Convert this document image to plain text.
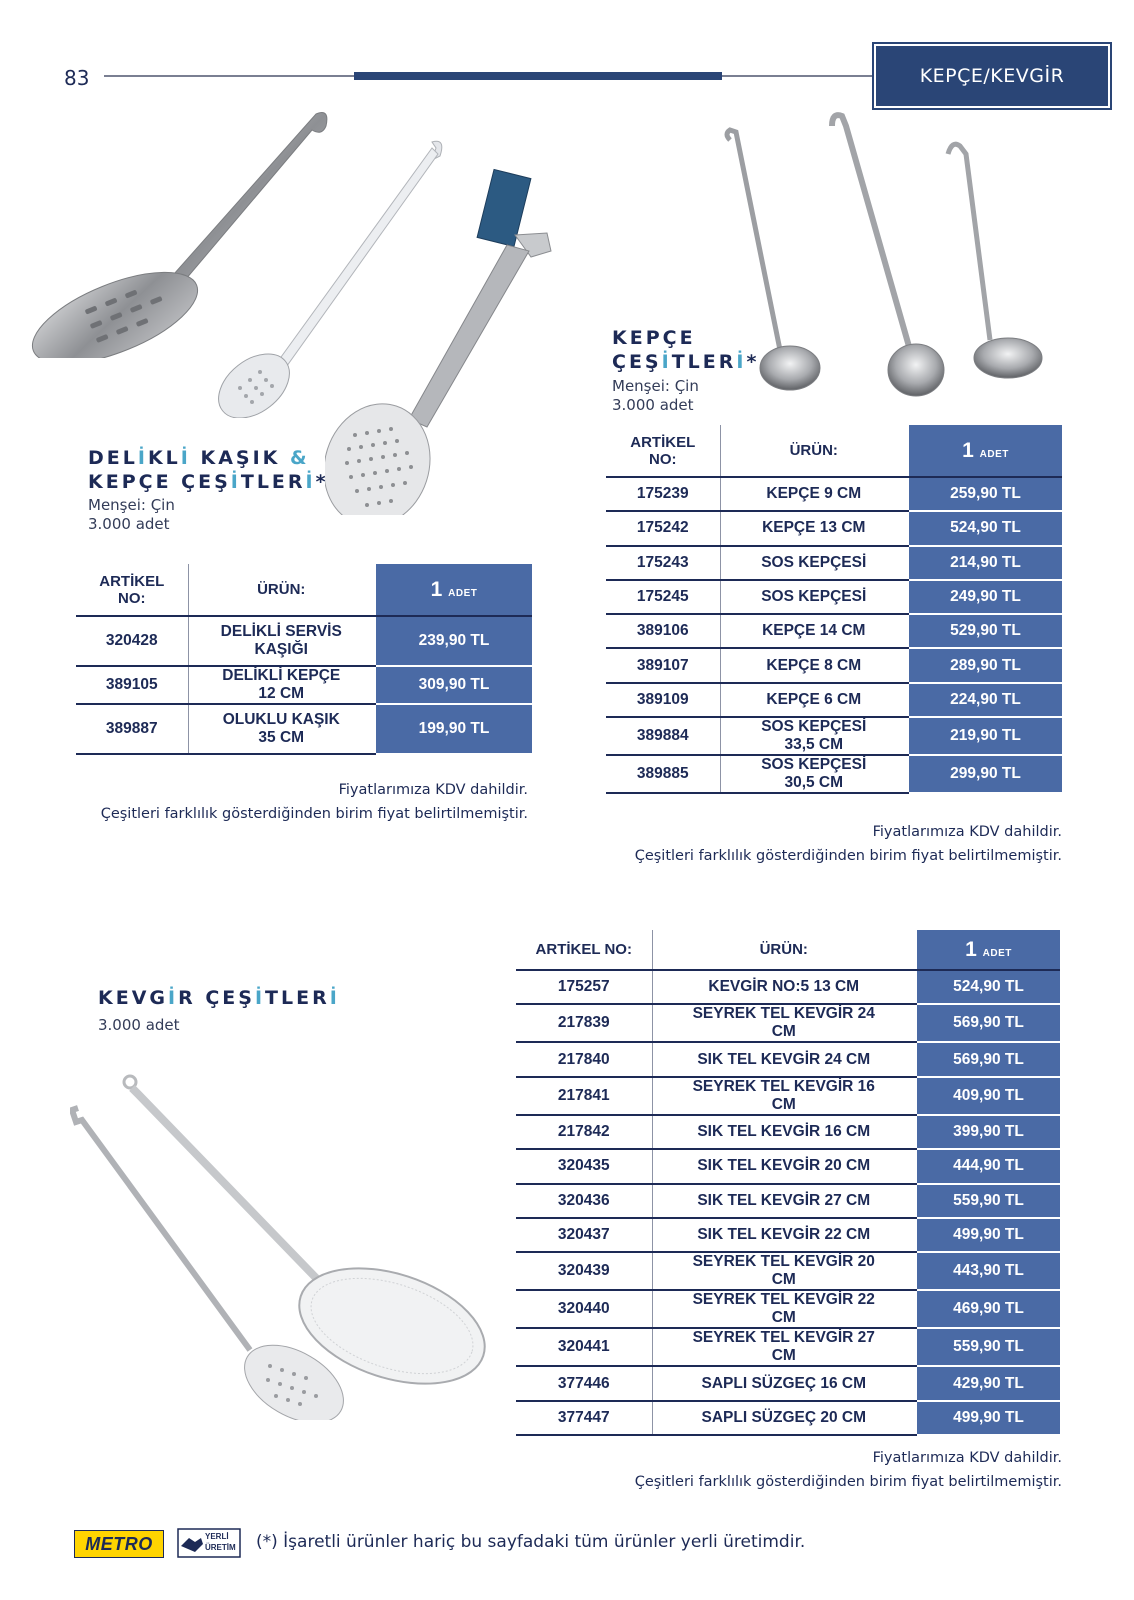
83	KEPÇE/KEVGİR
DELİKLİ KAŞIK &
KEPÇE ÇEŞİTLERİ*
Menşei: Çin
3.000 adet
ARTİKEL NO:	ÜRÜN:	1 ADET
320428	DELİKLİ SERVİS KAŞIĞI	239,90 TL
389105	DELİKLİ KEPÇE 12 CM	309,90 TL
389887	OLUKLU KAŞIK 35 CM	199,90 TL
Fiyatlarımıza KDV dahildir.
Çeşitleri farklılık gösterdiğinden birim fiyat belirtilmemiştir.
KEPÇE
ÇEŞİTLERİ*
Menşei: Çin
3.000 adet
ARTİKEL NO:	ÜRÜN:	1 ADET
175239	KEPÇE 9 CM	259,90 TL
175242	KEPÇE 13 CM	524,90 TL
175243	SOS KEPÇESİ	214,90 TL
175245	SOS KEPÇESİ	249,90 TL
389106	KEPÇE 14 CM	529,90 TL
389107	KEPÇE 8 CM	289,90 TL
389109	KEPÇE 6 CM	224,90 TL
389884	SOS KEPÇESİ 33,5 CM	219,90 TL
389885	SOS KEPÇESİ 30,5 CM	299,90 TL
Fiyatlarımıza KDV dahildir.
Çeşitleri farklılık gösterdiğinden birim fiyat belirtilmemiştir.
KEVGİR ÇEŞİTLERİ
3.000 adet
ARTİKEL NO:	ÜRÜN:	1 ADET
175257	KEVGİR NO:5 13 CM	524,90 TL
217839	SEYREK TEL KEVGİR 24 CM	569,90 TL
217840	SIK TEL KEVGİR 24 CM	569,90 TL
217841	SEYREK TEL KEVGİR 16 CM	409,90 TL
217842	SIK TEL KEVGİR 16 CM	399,90 TL
320435	SIK TEL KEVGİR 20 CM	444,90 TL
320436	SIK TEL KEVGİR 27 CM	559,90 TL
320437	SIK TEL KEVGİR 22 CM	499,90 TL
320439	SEYREK TEL KEVGİR 20 CM	443,90 TL
320440	SEYREK TEL KEVGİR 22 CM	469,90 TL
320441	SEYREK TEL KEVGİR 27 CM	559,90 TL
377446	SAPLI SÜZGEÇ 16 CM	429,90 TL
377447	SAPLI SÜZGEÇ 20 CM	499,90 TL
Fiyatlarımıza KDV dahildir.
Çeşitleri farklılık gösterdiğinden birim fiyat belirtilmemiştir.
METRO	YERLİ
ÜRETİM (*) İşaretli ürünler hariç bu sayfadaki tüm ürünler yerli üretimdir.
